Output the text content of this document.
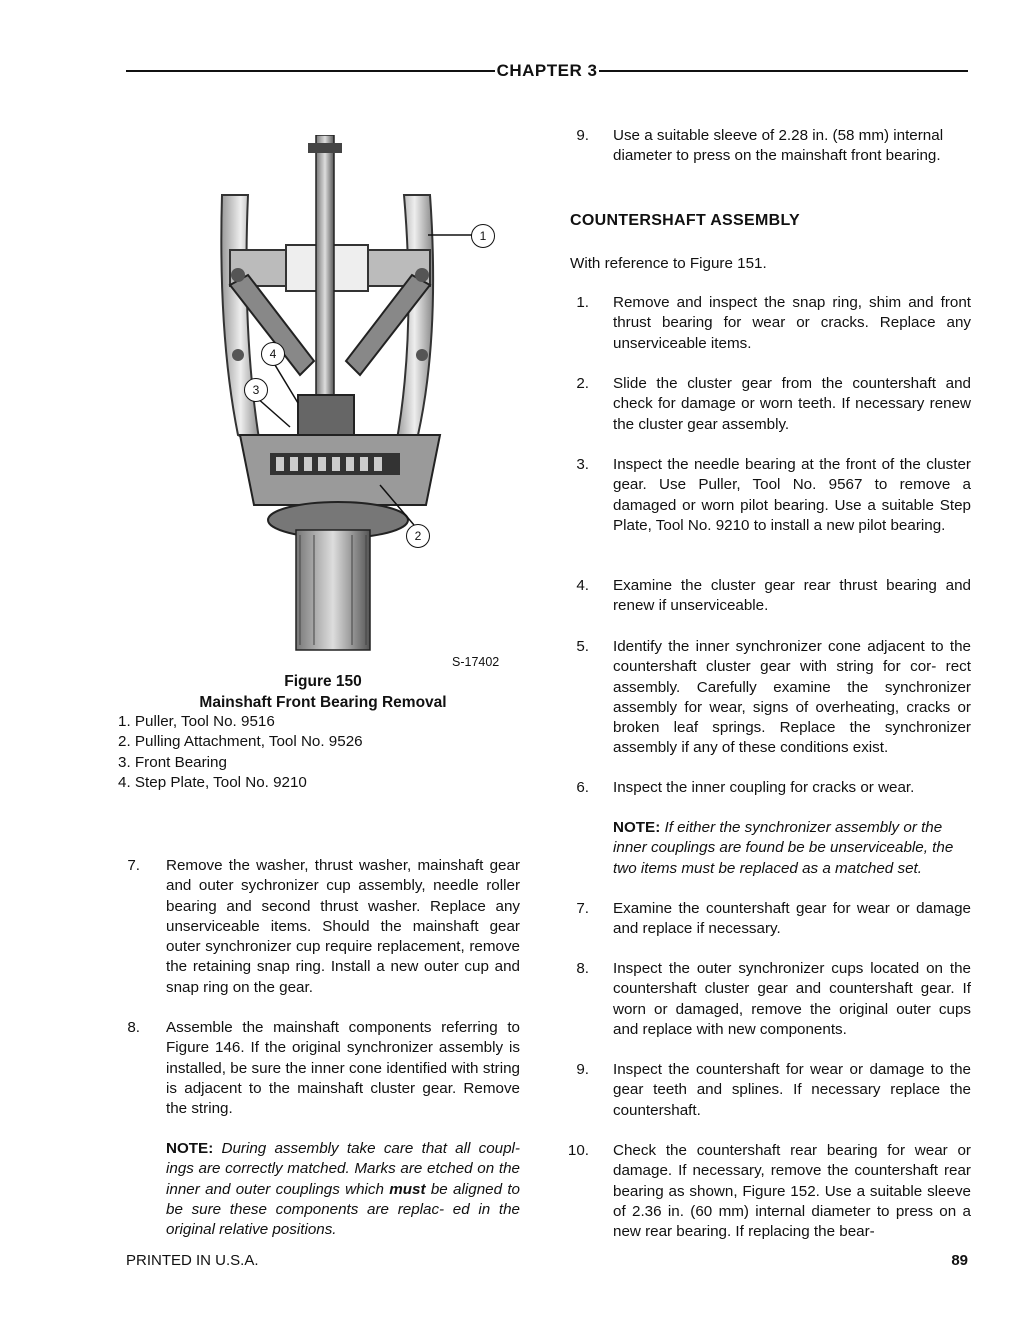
CHAPTER 3
1
4
3
2
S-17402
Figure 150
Mainshaft Front Bearing Removal
1. Puller, Tool No. 9516
2. Pulling Attachment, Tool No. 9526
3. Front Bearing
4. Step Plate, Tool No. 9210
7. Remove the washer, thrust washer, mainshaft gear and outer sychronizer cup assembly, needle roller bearing and second thrust washer. Replace any unserviceable items. Should the mainshaft gear outer synchronizer cup require replacement, remove the retaining snap ring. Install a new outer cup and snap ring on the gear.
8. Assemble the mainshaft components referring to Figure 146. If the original synchronizer assembly is installed, be sure the inner cone identified with string is adjacent to the mainshaft cluster gear. Remove the string.
NOTE: During assembly take care that all coupl- ings are correctly matched. Marks are etched on the inner and outer couplings which must be aligned to be sure these components are replac- ed in the original relative positions.
9. Use a suitable sleeve of 2.28 in. (58 mm) internal diameter to press on the mainshaft front bearing.
COUNTERSHAFT ASSEMBLY
With reference to Figure 151.
1. Remove and inspect the snap ring, shim and front thrust bearing for wear or cracks. Replace any unserviceable items.
2. Slide the cluster gear from the countershaft and check for damage or worn teeth. If necessary renew the cluster gear assembly.
3. Inspect the needle bearing at the front of the cluster gear. Use Puller, Tool No. 9567 to remove a damaged or worn pilot bearing. Use a suitable Step Plate, Tool No. 9210 to install a new pilot bearing.
4. Examine the cluster gear rear thrust bearing and renew if unserviceable.
5. Identify the inner synchronizer cone adjacent to the countershaft cluster gear with string for cor- rect assembly. Carefully examine the synchronizer assembly for wear, signs of overheating, cracks or broken leaf springs. Replace the synchronizer assembly if any of these conditions exist.
6. Inspect the inner coupling for cracks or wear.
NOTE: If either the synchronizer assembly or the inner couplings are found be be unserviceable, the two items must be replaced as a matched set.
7. Examine the countershaft gear for wear or damage and replace if necessary.
8. Inspect the outer synchronizer cups located on the countershaft cluster gear and countershaft gear. If worn or damaged, remove the original outer cups and replace with new components.
9. Inspect the countershaft for wear or damage to the gear teeth and splines. If necessary replace the countershaft.
10. Check the countershaft rear bearing for wear or damage. If necessary, remove the countershaft rear bearing as shown, Figure 152. Use a suitable sleeve of 2.36 in. (60 mm) internal diameter to press on a new rear bearing. If replacing the bear-
PRINTED IN U.S.A.	89
